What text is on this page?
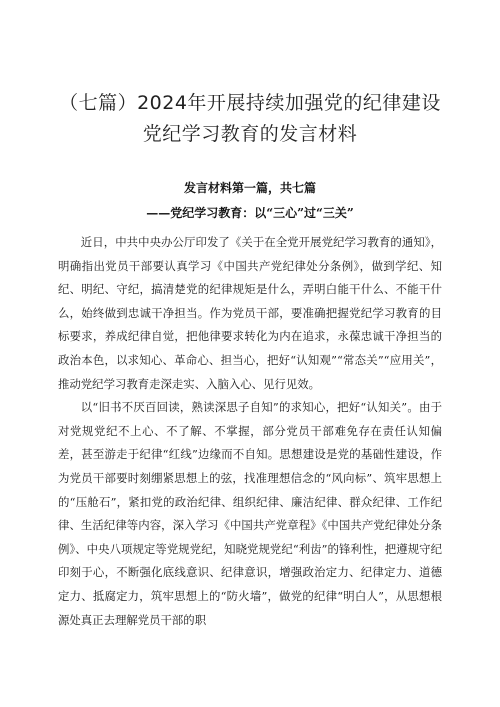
（七篇）2024年开展持续加强党的纪律建设
党纪学习教育的发言材料
发言材料第一篇，共七篇
——党纪学习教育：以“三心”过“三关”

近日，中共中央办公厅印发了《关于在全党开展党纪学习教育的通知》，明确指出党员干部要认真学习《中国共产党纪律处分条例》，做到学纪、知纪、明纪、守纪，搞清楚党的纪律规矩是什么，弄明白能干什么、不能干什么，始终做到忠诚干净担当。作为党员干部，要准确把握党纪学习教育的目标要求，养成纪律自觉，把他律要求转化为内在追求，永葆忠诚干净担当的政治本色，以求知心、革命心、担当心，把好“认知观”“常态关”“应用关”，推动党纪学习教育走深走实、入脑入心、见行见效。

以“旧书不厌百回读，熟读深思子自知”的求知心，把好“认知关”。由于对党规党纪不上心、不了解、不掌握，部分党员干部难免存在责任认知偏差，甚至游走于纪律“红线”边缘而不自知。思想建设是党的基础性建设，作为党员干部要时刻绷紧思想上的弦，找准理想信念的“风向标”、筑牢思想上的“压舱石”，紧扣党的政治纪律、组织纪律、廉洁纪律、群众纪律、工作纪律、生活纪律等内容，深入学习《中国共产党章程》《中国共产党纪律处分条例》、中央八项规定等党规党纪，知晓党规党纪“利齿”的锋利性，把遵规守纪印刻于心，不断强化底线意识、纪律意识，增强政治定力、纪律定力、道德定力、抵腐定力，筑牢思想上的“防火墙”，做党的纪律“明白人”，从思想根源处真正去理解党员干部的职
